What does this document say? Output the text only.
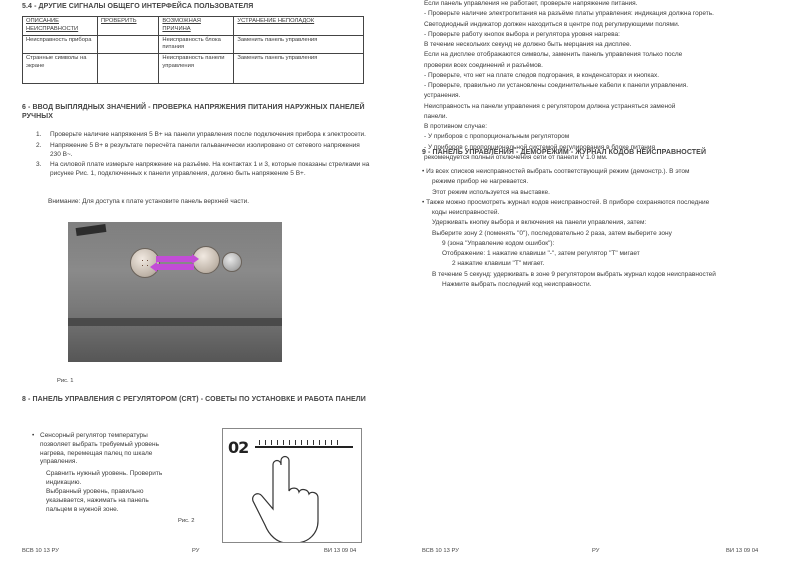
5.4 - ДРУГИЕ СИГНАЛЫ ОБЩЕГО ИНТЕРФЕЙСА ПОЛЬЗОВАТЕЛЯ
ОПИСАНИЕ НЕИСПРАВНОСТИ	ПРОВЕРИТЬ	ВОЗМОЖНАЯ ПРИЧИНА	УСТРАНЕНИЕ НЕПОЛАДОК
Неисправность прибора		Неисправность блока питания	Заменить панель управления
Странные символы на экране		Неисправность панели управления	Заменить панель управления
6 - ВВОД ВЫПЛЯДНЫХ ЗНАЧЕНИЙ - ПРОВЕРКА НАПРЯЖЕНИЯ ПИТАНИЯ НАРУЖНЫХ ПАНЕЛЕЙ РУЧНЫХ
1. Проверьте наличие напряжения 5 В+ на панели управления после подключения прибора к электросети.
2. Напряжение 5 В+ в результате пересчёта панели гальванически изолировано от сетевого напряжения 230 В~.
3. На силовой плате измерьте напряжение на разъёме. На контактах 1 и 3, которые показаны стрелками на рисунке Рис. 1, подключенных к панели управления, должно быть напряжение 5 В+.
Внимание: Для доступа к плате установите панель верхней части.
Рис. 1
8 - ПАНЕЛЬ УПРАВЛЕНИЯ С РЕГУЛЯТОРОМ (CRT) - СОВЕТЫ ПО УСТАНОВКЕ И РАБОТА ПАНЕЛИ
• Сенсорный регулятор температуры позволяет выбрать требуемый уровень нагрева, перемещая палец по шкале управления.
Сравнить нужный уровень. Проверить индикацию.
Выбранный уровень, правильно указывается, нажимать на панель пальцем в нужной зоне.
02
Рис. 2
ВСВ 10 13 РУ	РУ	ВИ 13 09 04
Если панель управления не работает, проверьте напряжение питания.
- Проверьте наличие электропитания на разъёме платы управления: индикация должна гореть.
Светодиодный индикатор должен находиться в центре под регулирующими полями.
- Проверьте работу кнопок выбора и регулятора уровня нагрева:
В течение нескольких секунд не должно быть мерцания на дисплее.
Если на дисплее отображаются символы, заменить панель управления только после
проверки всех соединений и разъёмов.
- Проверьте, что нет на плате следов подгорания, в конденсаторах и кнопках.
- Проверьте, правильно ли установлены соединительные кабели к панели управления.
устранения.
Неисправность на панели управления с регулятором должна устраняться заменой
панели.
В противном случае:
- У приборов с пропорциональным регулятором
- У приборов с пропорциональной системой регулирования в блоке питания
рекомендуется полный отключения сети от панели V 1.0 мм.
9 - ПАНЕЛЬ УПРАВЛЕНИЯ - ДЕМОРЕЖИМ - ЖУРНАЛ КОДОВ НЕИСПРАВНОСТЕЙ
• Из всех списков неисправностей выбрать соответствующий режим (демонстр.). В этом
режиме прибор не нагревается.
Этот режим используется на выставке.
• Также можно просмотреть журнал кодов неисправностей. В приборе сохраняются последние
коды неисправностей.
Удерживать кнопку выбора и включения на панели управления, затем:
Выберите зону 2 (поменять "0"), последовательно 2 раза, затем выберите зону
9 (зона "Управление кодом ошибок"):
Отображение: 1 нажатие клавиши "-", затем регулятор "Т" мигает
2 нажатие клавиши "Т" мигает.
В течение 5 секунд: удерживать в зоне 9 регулятором выбрать журнал кодов неисправностей
Нажмите выбрать последний код неисправности.
ВСВ 10 13 РУ	РУ	ВИ 13 09 04
